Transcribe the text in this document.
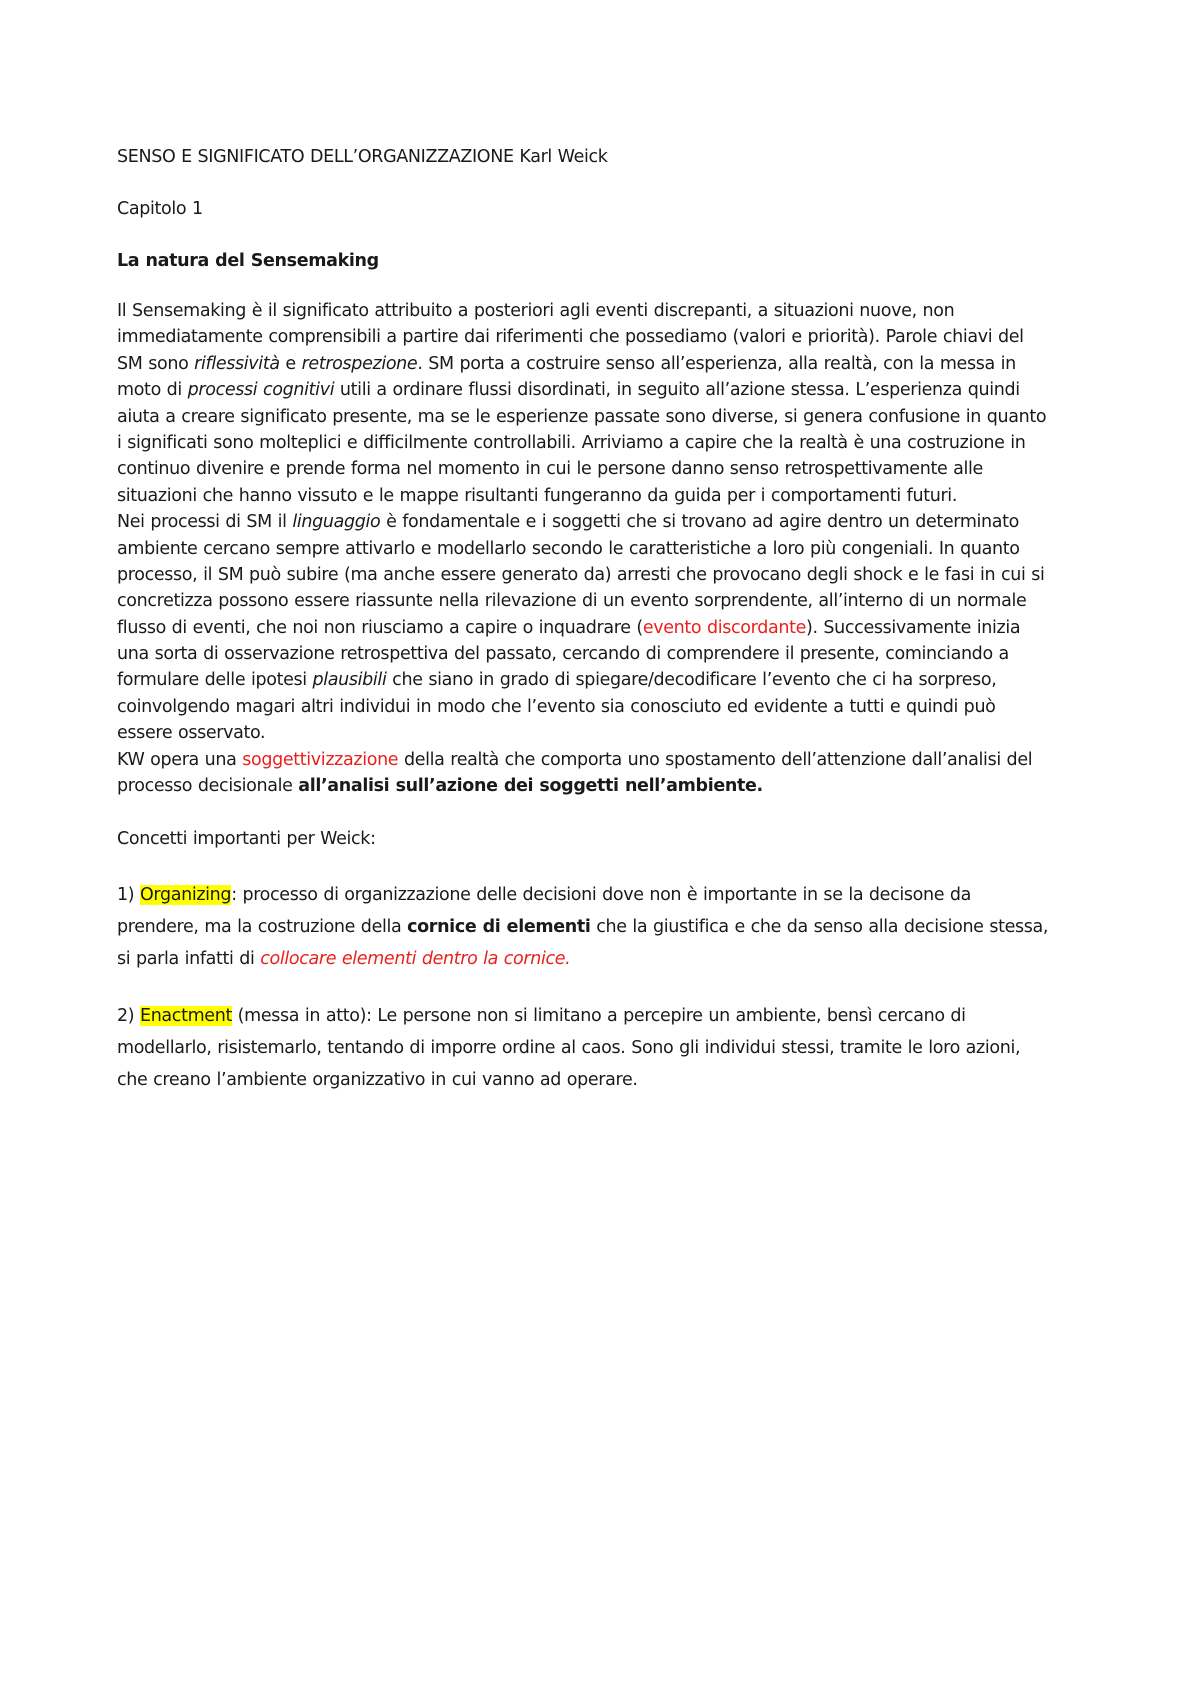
SENSO E SIGNIFICATO DELL’ORGANIZZAZIONE Karl Weick
Capitolo 1
La natura del Sensemaking
Il Sensemaking è il significato attribuito a posteriori agli eventi discrepanti, a situazioni nuove, non
immediatamente comprensibili a partire dai riferimenti che possediamo (valori e priorità). Parole chiavi del
SM sono riflessività e retrospezione. SM porta a costruire senso all’esperienza, alla realtà, con la messa in
moto di processi cognitivi utili a ordinare flussi disordinati, in seguito all’azione stessa. L’esperienza quindi
aiuta a creare significato presente, ma se le esperienze passate sono diverse, si genera confusione in quanto
i significati sono molteplici e difficilmente controllabili. Arriviamo a capire che la realtà è una costruzione in
continuo divenire e prende forma nel momento in cui le persone danno senso retrospettivamente alle
situazioni che hanno vissuto e le mappe risultanti fungeranno da guida per i comportamenti futuri.
Nei processi di SM il linguaggio è fondamentale e i soggetti che si trovano ad agire dentro un determinato
ambiente cercano sempre attivarlo e modellarlo secondo le caratteristiche a loro più congeniali. In quanto
processo, il SM può subire (ma anche essere generato da) arresti che provocano degli shock e le fasi in cui si
concretizza possono essere riassunte nella rilevazione di un evento sorprendente, all’interno di un normale
flusso di eventi, che noi non riusciamo a capire o inquadrare (evento discordante). Successivamente inizia
una sorta di osservazione retrospettiva del passato, cercando di comprendere il presente, cominciando a
formulare delle ipotesi plausibili che siano in grado di spiegare/decodificare l’evento che ci ha sorpreso,
coinvolgendo magari altri individui in modo che l’evento sia conosciuto ed evidente a tutti e quindi può
essere osservato.
KW opera una soggettivizzazione della realtà che comporta uno spostamento dell’attenzione dall’analisi del
processo decisionale all’analisi sull’azione dei soggetti nell’ambiente.
Concetti importanti per Weick:
1) Organizing: processo di organizzazione delle decisioni dove non è importante in se la decisone da
prendere, ma la costruzione della cornice di elementi che la giustifica e che da senso alla decisione stessa,
si parla infatti di collocare elementi dentro la cornice.
2) Enactment (messa in atto): Le persone non si limitano a percepire un ambiente, bensì cercano di
modellarlo, risistemarlo, tentando di imporre ordine al caos. Sono gli individui stessi, tramite le loro azioni,
che creano l’ambiente organizzativo in cui vanno ad operare.
